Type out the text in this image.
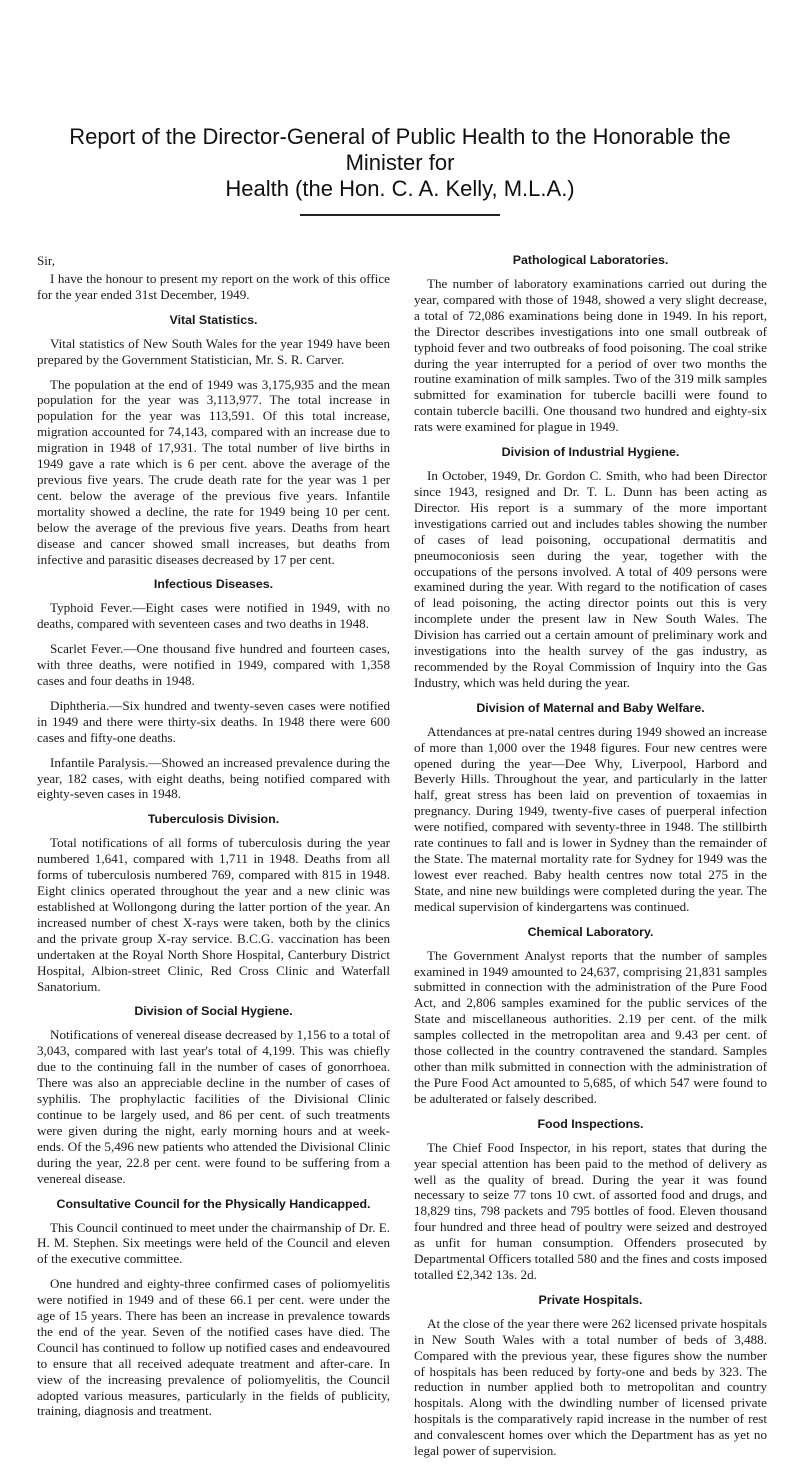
Report of the Director-General of Public Health to the Honorable the Minister for
Health (the Hon. C. A. Kelly, M.L.A.)

Sir,

I have the honour to present my report on the work of this office for the year ended 31st December, 1949.

Vital Statistics.

Vital statistics of New South Wales for the year 1949 have been prepared by the Government Statistician, Mr. S. R. Carver.

The population at the end of 1949 was 3,175,935 and the mean population for the year was 3,113,977. The total increase in population for the year was 113,591. Of this total increase, migration accounted for 74,143, compared with an increase due to migration in 1948 of 17,931. The total number of live births in 1949 gave a rate which is 6 per cent. above the average of the previous five years. The crude death rate for the year was 1 per cent. below the average of the previous five years. Infantile mortality showed a decline, the rate for 1949 being 10 per cent. below the average of the previous five years. Deaths from heart disease and cancer showed small increases, but deaths from infective and parasitic diseases decreased by 17 per cent.

Infectious Diseases.

Typhoid Fever.—Eight cases were notified in 1949, with no deaths, compared with seventeen cases and two deaths in 1948.

Scarlet Fever.—One thousand five hundred and fourteen cases, with three deaths, were notified in 1949, compared with 1,358 cases and four deaths in 1948.

Diphtheria.—Six hundred and twenty-seven cases were notified in 1949 and there were thirty-six deaths. In 1948 there were 600 cases and fifty-one deaths.

Infantile Paralysis.—Showed an increased prevalence during the year, 182 cases, with eight deaths, being notified compared with eighty-seven cases in 1948.

Tuberculosis Division.

Total notifications of all forms of tuberculosis during the year numbered 1,641, compared with 1,711 in 1948. Deaths from all forms of tuberculosis numbered 769, compared with 815 in 1948. Eight clinics operated throughout the year and a new clinic was established at Wollongong during the latter portion of the year. An increased number of chest X-rays were taken, both by the clinics and the private group X-ray service. B.C.G. vaccination has been undertaken at the Royal North Shore Hospital, Canterbury District Hospital, Albion-street Clinic, Red Cross Clinic and Waterfall Sanatorium.

Division of Social Hygiene.

Notifications of venereal disease decreased by 1,156 to a total of 3,043, compared with last year's total of 4,199. This was chiefly due to the continuing fall in the number of cases of gonorrhoea. There was also an appreciable decline in the number of cases of syphilis. The prophylactic facilities of the Divisional Clinic continue to be largely used, and 86 per cent. of such treatments were given during the night, early morning hours and at week-ends. Of the 5,496 new patients who attended the Divisional Clinic during the year, 22.8 per cent. were found to be suffering from a venereal disease.

Consultative Council for the Physically Handicapped.

This Council continued to meet under the chairmanship of Dr. E. H. M. Stephen. Six meetings were held of the Council and eleven of the executive committee.

One hundred and eighty-three confirmed cases of poliomyelitis were notified in 1949 and of these 66.1 per cent. were under the age of 15 years. There has been an increase in prevalence towards the end of the year. Seven of the notified cases have died. The Council has continued to follow up notified cases and endeavoured to ensure that all received adequate treatment and after-care. In view of the increasing prevalence of poliomyelitis, the Council adopted various measures, particularly in the fields of publicity, training, diagnosis and treatment.

Pathological Laboratories.

The number of laboratory examinations carried out during the year, compared with those of 1948, showed a very slight decrease, a total of 72,086 examinations being done in 1949. In his report, the Director describes investigations into one small outbreak of typhoid fever and two outbreaks of food poisoning. The coal strike during the year interrupted for a period of over two months the routine examination of milk samples. Two of the 319 milk samples submitted for examination for tubercle bacilli were found to contain tubercle bacilli. One thousand two hundred and eighty-six rats were examined for plague in 1949.

Division of Industrial Hygiene.

In October, 1949, Dr. Gordon C. Smith, who had been Director since 1943, resigned and Dr. T. L. Dunn has been acting as Director. His report is a summary of the more important investigations carried out and includes tables showing the number of cases of lead poisoning, occupational dermatitis and pneumoconiosis seen during the year, together with the occupations of the persons involved. A total of 409 persons were examined during the year. With regard to the notification of cases of lead poisoning, the acting director points out this is very incomplete under the present law in New South Wales. The Division has carried out a certain amount of preliminary work and investigations into the health survey of the gas industry, as recommended by the Royal Commission of Inquiry into the Gas Industry, which was held during the year.

Division of Maternal and Baby Welfare.

Attendances at pre-natal centres during 1949 showed an increase of more than 1,000 over the 1948 figures. Four new centres were opened during the year—Dee Why, Liverpool, Harbord and Beverly Hills. Throughout the year, and particularly in the latter half, great stress has been laid on prevention of toxaemias in pregnancy. During 1949, twenty-five cases of puerperal infection were notified, compared with seventy-three in 1948. The stillbirth rate continues to fall and is lower in Sydney than the remainder of the State. The maternal mortality rate for Sydney for 1949 was the lowest ever reached. Baby health centres now total 275 in the State, and nine new buildings were completed during the year. The medical supervision of kindergartens was continued.

Chemical Laboratory.

The Government Analyst reports that the number of samples examined in 1949 amounted to 24,637, comprising 21,831 samples submitted in connection with the administration of the Pure Food Act, and 2,806 samples examined for the public services of the State and miscellaneous authorities. 2.19 per cent. of the milk samples collected in the metropolitan area and 9.43 per cent. of those collected in the country contravened the standard. Samples other than milk submitted in connection with the administration of the Pure Food Act amounted to 5,685, of which 547 were found to be adulterated or falsely described.

Food Inspections.

The Chief Food Inspector, in his report, states that during the year special attention has been paid to the method of delivery as well as the quality of bread. During the year it was found necessary to seize 77 tons 10 cwt. of assorted food and drugs, and 18,829 tins, 798 packets and 795 bottles of food. Eleven thousand four hundred and three head of poultry were seized and destroyed as unfit for human consumption. Offenders prosecuted by Departmental Officers totalled 580 and the fines and costs imposed totalled £2,342 13s. 2d.

Private Hospitals.

At the close of the year there were 262 licensed private hospitals in New South Wales with a total number of beds of 3,488. Compared with the previous year, these figures show the number of hospitals has been reduced by forty-one and beds by 323. The reduction in number applied both to metropolitan and country hospitals. Along with the dwindling number of licensed private hospitals is the comparatively rapid increase in the number of rest and convalescent homes over which the Department has as yet no legal power of supervision.
